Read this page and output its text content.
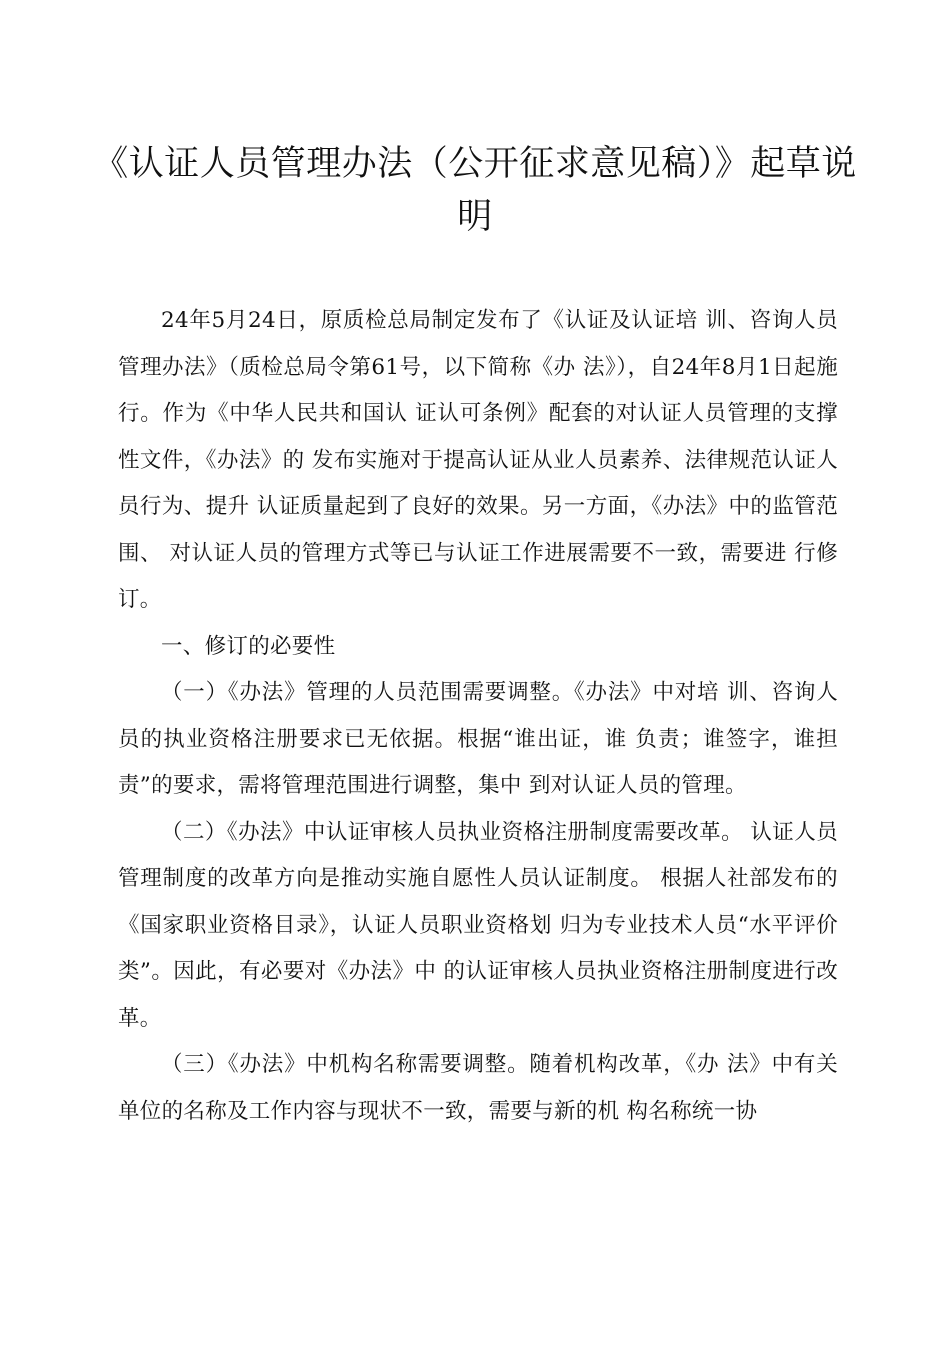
《认证人员管理办法（公开征求意见稿）》起草说明

24年5月24日，原质检总局制定发布了《认证及认证培 训、咨询人员管理办法》（质检总局令第61号，以下简称《办 法》），自24年8月1日起施行。作为《中华人民共和国认 证认可条例》配套的对认证人员管理的支撑性文件，《办法》的 发布实施对于提高认证从业人员素养、法律规范认证人员行为、提升 认证质量起到了良好的效果。另一方面，《办法》中的监管范围、 对认证人员的管理方式等已与认证工作进展需要不一致，需要进 行修订。

一、修订的必要性

（一）《办法》管理的人员范围需要调整。《办法》中对培 训、咨询人员的执业资格注册要求已无依据。根据“谁出证，谁 负责；谁签字，谁担责”的要求，需将管理范围进行调整，集中 到对认证人员的管理。

（二）《办法》中认证审核人员执业资格注册制度需要改革。 认证人员管理制度的改革方向是推动实施自愿性人员认证制度。 根据人社部发布的《国家职业资格目录》，认证人员职业资格划 归为专业技术人员“水平评价类”。因此，有必要对《办法》中 的认证审核人员执业资格注册制度进行改革。

（三）《办法》中机构名称需要调整。随着机构改革，《办 法》中有关单位的名称及工作内容与现状不一致，需要与新的机 构名称统一协
